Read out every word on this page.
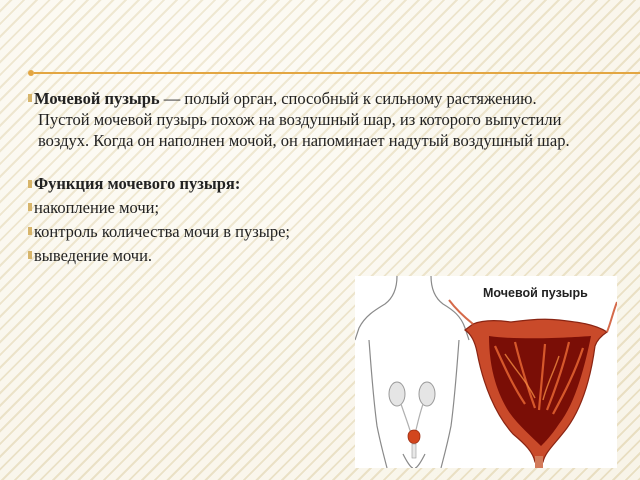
Мочевой пузырь — полый орган, способный к сильному растяжению.
Пустой мочевой пузырь похож на воздушный шар, из которого выпустили
воздух. Когда он наполнен мочой, он напоминает надутый воздушный шар.
Функция мочевого пузыря:
накопление мочи;
контроль количества мочи в пузыре;
выведение мочи.
Мочевой пузырь
